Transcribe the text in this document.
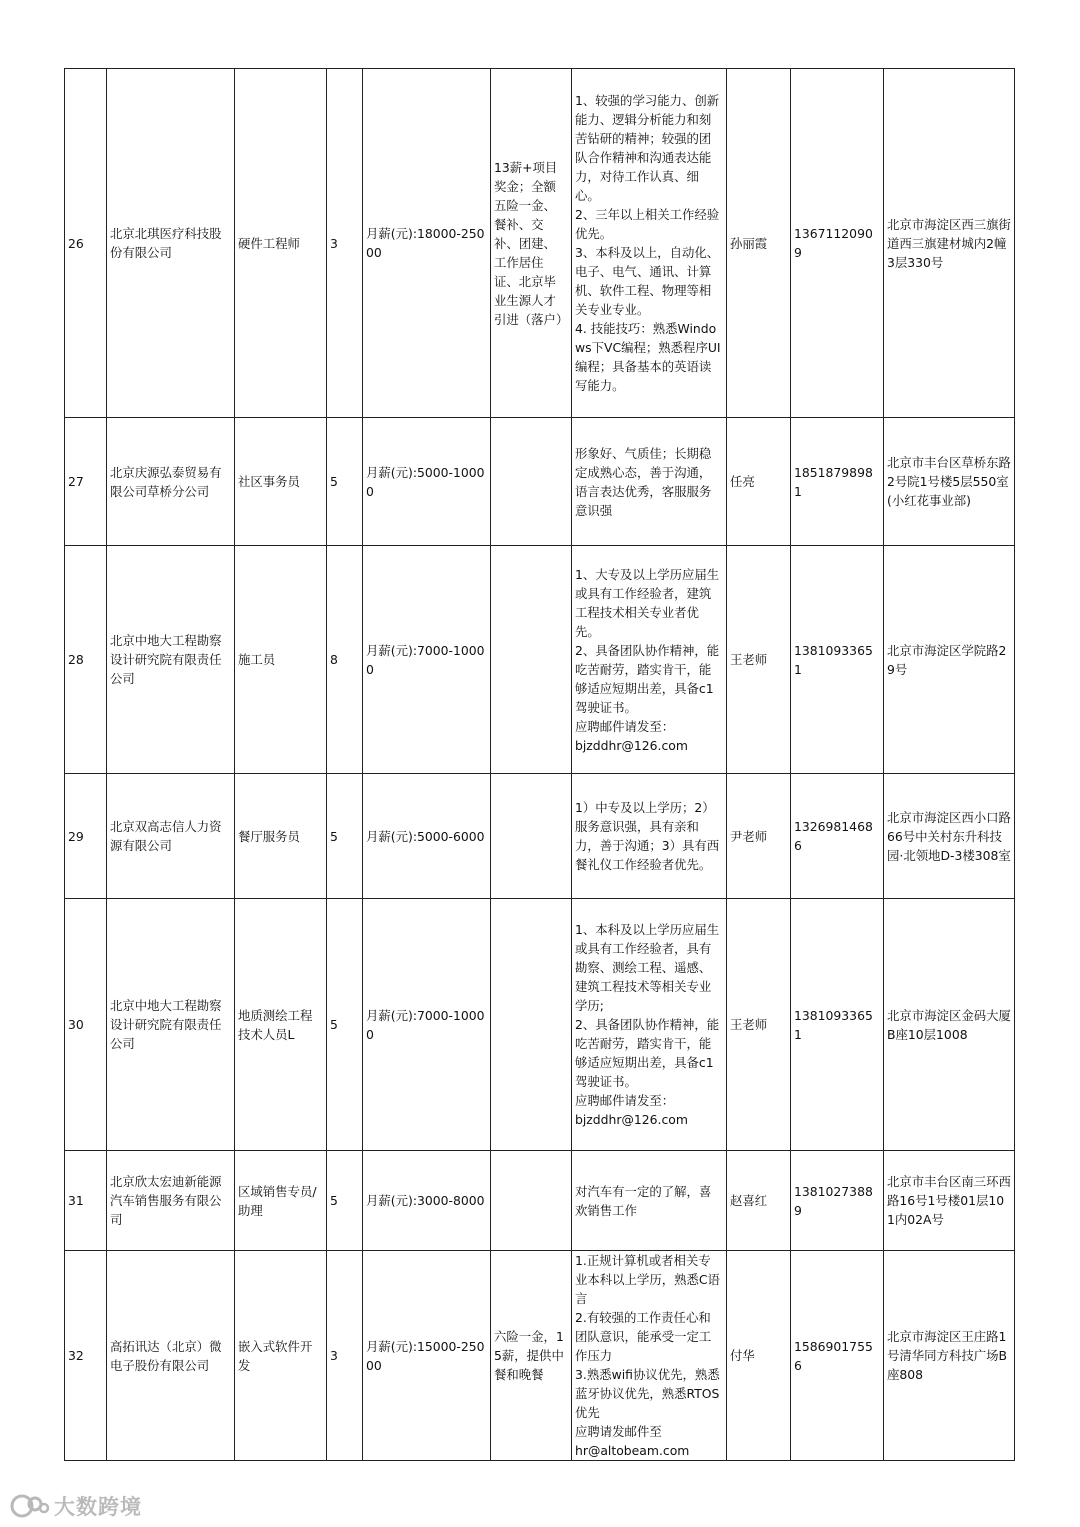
26	北京北琪医疗科技股份有限公司	硬件工程师	3	月薪(元):18000-25000	13薪+项目奖金；全额五险一金、餐补、交补、团建、工作居住证、北京毕业生源人才引进（落户）	1、较强的学习能力、创新能力、逻辑分析能力和刻苦钻研的精神；较强的团队合作精神和沟通表达能力，对待工作认真、细心。
2、三年以上相关工作经验优先。
3、本科及以上，自动化、电子、电气、通讯、计算机、软件工程、物理等相关专业专业。
4. 技能技巧：熟悉Windows下VC编程；熟悉程序UI编程；具备基本的英语读写能力。	孙丽霞	13671120909	北京市海淀区西三旗街道西三旗建材城内2幢3层330号
27	北京庆源弘泰贸易有限公司草桥分公司	社区事务员	5	月薪(元):5000-10000		形象好、气质佳；长期稳定成熟心态，善于沟通，语言表达优秀，客服服务意识强	任亮	18518798981	北京市丰台区草桥东路2号院1号楼5层550室(小红花事业部)
28	北京中地大工程勘察设计研究院有限责任公司	施工员	8	月薪(元):7000-10000		1、大专及以上学历应届生或具有工作经验者，建筑工程技术相关专业者优先。
2、具备团队协作精神，能吃苦耐劳，踏实肯干，能够适应短期出差，具备c1驾驶证书。
应聘邮件请发至：
bjzddhr@126.com	王老师	13810933651	北京市海淀区学院路29号
29	北京双高志信人力资源有限公司	餐厅服务员	5	月薪(元):5000-6000		1）中专及以上学历；2）服务意识强，具有亲和力，善于沟通；3）具有西餐礼仪工作经验者优先。	尹老师	13269814686	北京市海淀区西小口路66号中关村东升科技园·北领地D-3楼308室
30	北京中地大工程勘察设计研究院有限责任公司	地质测绘工程技术人员L	5	月薪(元):7000-10000		1、本科及以上学历应届生或具有工作经验者，具有勘察、测绘工程、遥感、建筑工程技术等相关专业学历;
2、具备团队协作精神，能吃苦耐劳，踏实肯干，能够适应短期出差，具备c1驾驶证书。
应聘邮件请发至：
bjzddhr@126.com	王老师	13810933651	北京市海淀区金码大厦B座10层1008
31	北京欣太宏迪新能源汽车销售服务有限公司	区域销售专员/助理	5	月薪(元):3000-8000		对汽车有一定的了解，喜欢销售工作	赵喜红	13810273889	北京市丰台区南三环西路16号1号楼01层101内02A号
32	高拓讯达（北京）微电子股份有限公司	嵌入式软件开发	3	月薪(元):15000-25000	六险一金，15薪，提供中餐和晚餐	1.正规计算机或者相关专业本科以上学历，熟悉C语言
2.有较强的工作责任心和团队意识，能承受一定工作压力
3.熟悉wifi协议优先，熟悉蓝牙协议优先，熟悉RTOS优先
应聘请发邮件至
hr@altobeam.com	付华	15869017556	北京市海淀区王庄路1号清华同方科技广场B座808
大数跨境
